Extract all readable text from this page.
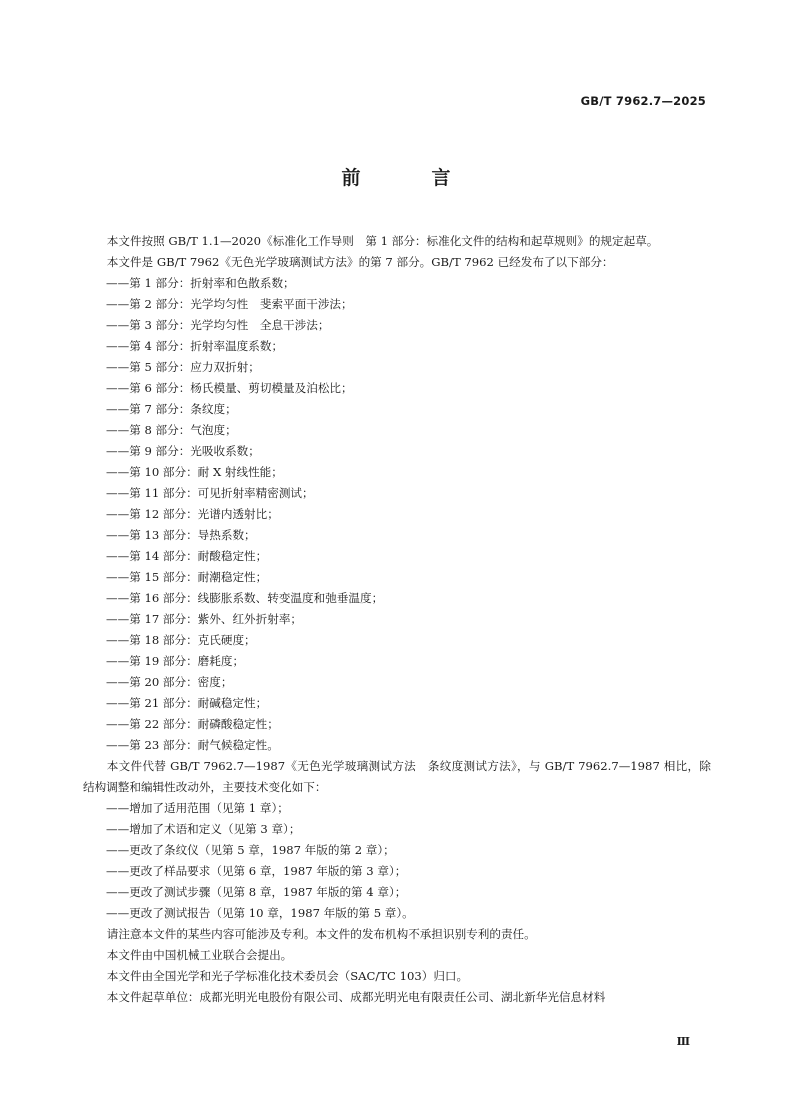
GB/T 7962.7—2025
前　言

本文件按照 GB/T 1.1—2020《标准化工作导则　第 1 部分：标准化文件的结构和起草规则》的规定起草。

本文件是 GB/T 7962《无色光学玻璃测试方法》的第 7 部分。GB/T 7962 已经发布了以下部分：

——第 1 部分：折射率和色散系数；

——第 2 部分：光学均匀性　斐索平面干涉法；

——第 3 部分：光学均匀性　全息干涉法；

——第 4 部分：折射率温度系数；

——第 5 部分：应力双折射；

——第 6 部分：杨氏模量、剪切模量及泊松比；

——第 7 部分：条纹度；

——第 8 部分：气泡度；

——第 9 部分：光吸收系数；

——第 10 部分：耐 X 射线性能；

——第 11 部分：可见折射率精密测试；

——第 12 部分：光谱内透射比；

——第 13 部分：导热系数；

——第 14 部分：耐酸稳定性；

——第 15 部分：耐潮稳定性；

——第 16 部分：线膨胀系数、转变温度和弛垂温度；

——第 17 部分：紫外、红外折射率；

——第 18 部分：克氏硬度；

——第 19 部分：磨耗度；

——第 20 部分：密度；

——第 21 部分：耐碱稳定性；

——第 22 部分：耐磷酸稳定性；

——第 23 部分：耐气候稳定性。

本文件代替 GB/T 7962.7—1987《无色光学玻璃测试方法　条纹度测试方法》，与 GB/T 7962.7—1987 相比，除结构调整和编辑性改动外，主要技术变化如下：

——增加了适用范围（见第 1 章）；

——增加了术语和定义（见第 3 章）；

——更改了条纹仪（见第 5 章，1987 年版的第 2 章）；

——更改了样品要求（见第 6 章，1987 年版的第 3 章）；

——更改了测试步骤（见第 8 章，1987 年版的第 4 章）；

——更改了测试报告（见第 10 章，1987 年版的第 5 章）。

请注意本文件的某些内容可能涉及专利。本文件的发布机构不承担识别专利的责任。

本文件由中国机械工业联合会提出。

本文件由全国光学和光子学标准化技术委员会（SAC/TC 103）归口。

本文件起草单位：成都光明光电股份有限公司、成都光明光电有限责任公司、湖北新华光信息材料

Ⅲ
